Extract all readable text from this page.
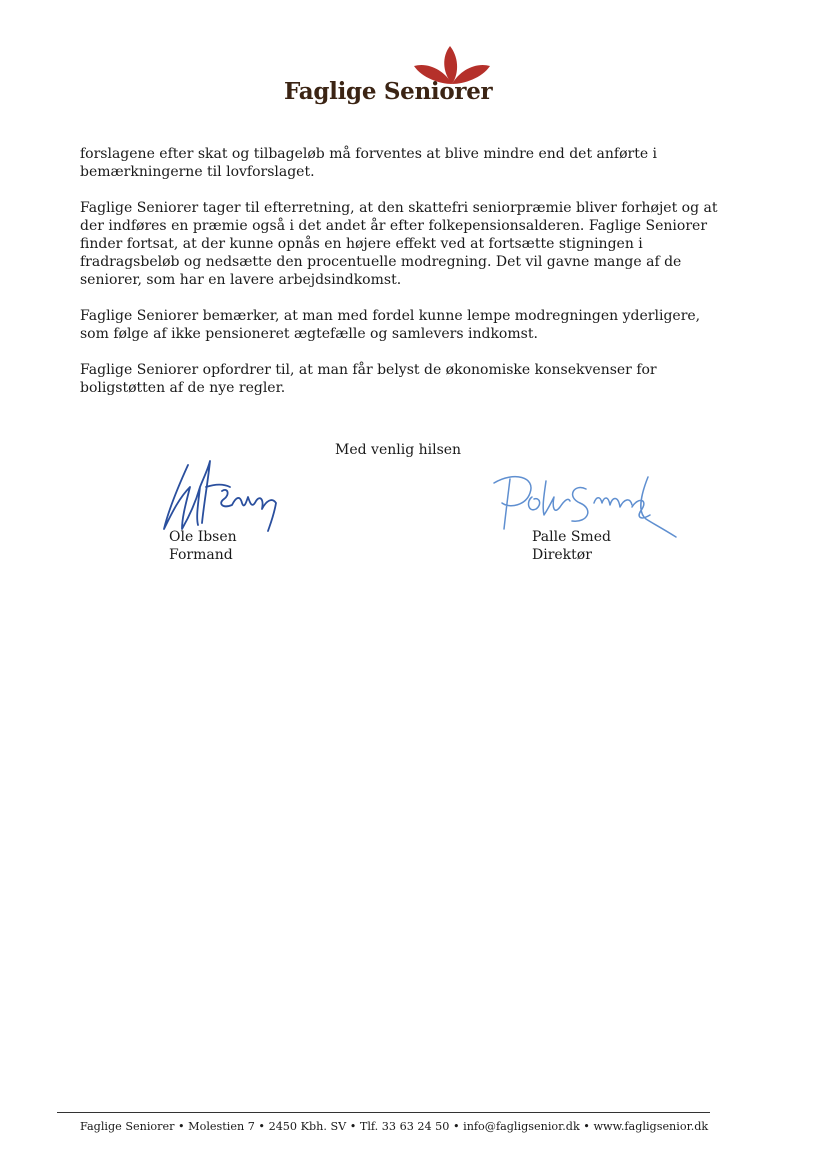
Faglige Seniorer

forslagene efter skat og tilbageløb må forventes at blive mindre end det anførte i bemærkningerne til lovforslaget.

Faglige Seniorer tager til efterretning, at den skattefri seniorpræmie bliver forhøjet og at der indføres en præmie også i det andet år efter folkepensionsalderen. Faglige Seniorer finder fortsat, at der kunne opnås en højere effekt ved at fortsætte stigningen i fradragsbeløb og nedsætte den procentuelle modregning. Det vil gavne mange af de seniorer, som har en lavere arbejdsindkomst.

Faglige Seniorer bemærker, at man med fordel kunne lempe modregningen yderligere, som følge af ikke pensioneret ægtefælle og samlevers indkomst.

Faglige Seniorer opfordrer til, at man får belyst de økonomiske konsekvenser for boligstøtten af de nye regler.

Med venlig hilsen
Ole Ibsen
Formand
Palle Smed
Direktør
Faglige Seniorer • Molestien 7 • 2450 Kbh. SV • Tlf. 33 63 24 50 • info@fagligsenior.dk • www.fagligsenior.dk
